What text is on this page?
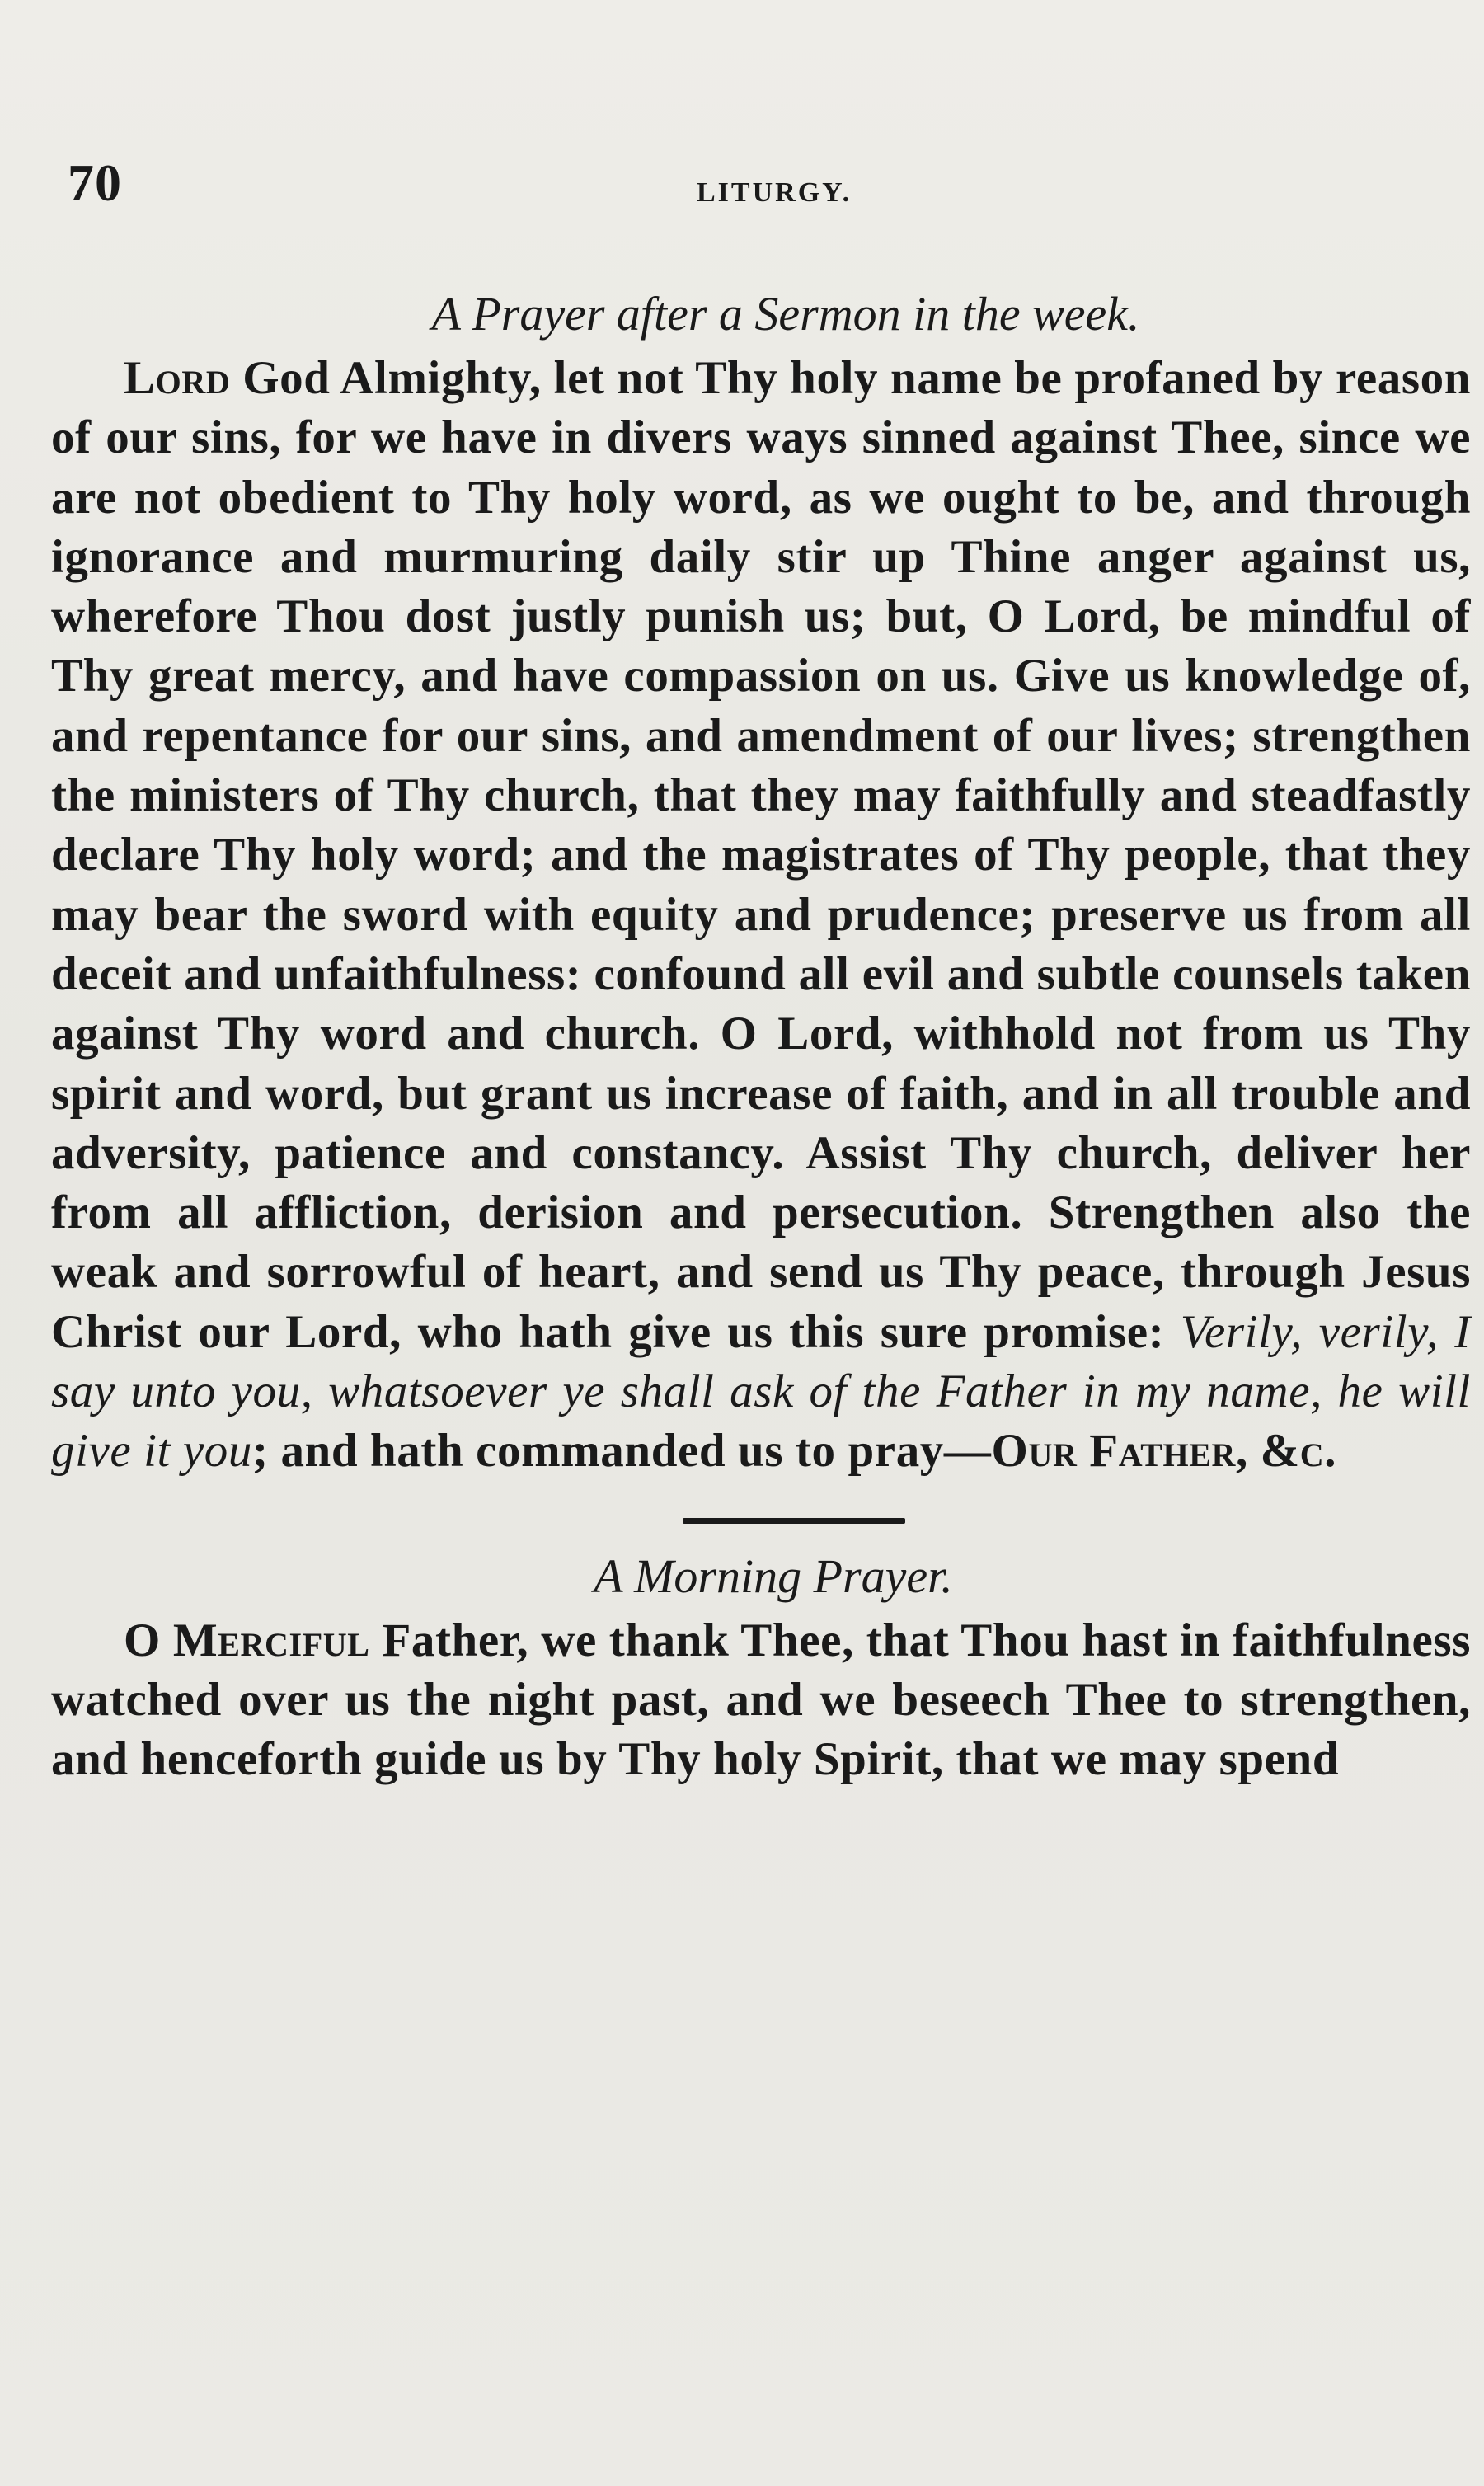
70	LITURGY.
A Prayer after a Sermon in the week.

Lord God Almighty, let not Thy holy name be profaned by reason of our sins, for we have in divers ways sinned against Thee, since we are not obedient to Thy holy word, as we ought to be, and through ignorance and murmuring daily stir up Thine anger against us, wherefore Thou dost justly punish us; but, O Lord, be mindful of Thy great mercy, and have compassion on us. Give us knowledge of, and repentance for our sins, and amendment of our lives; strengthen the ministers of Thy church, that they may faithfully and steadfastly declare Thy holy word; and the magistrates of Thy people, that they may bear the sword with equity and prudence; preserve us from all deceit and unfaithfulness: confound all evil and subtle counsels taken against Thy word and church. O Lord, withhold not from us Thy spirit and word, but grant us increase of faith, and in all trouble and adversity, patience and constancy. Assist Thy church, deliver her from all affliction, derision and persecution. Strengthen also the weak and sorrowful of heart, and send us Thy peace, through Jesus Christ our Lord, who hath give us this sure promise: Verily, verily, I say unto you, whatsoever ye shall ask of the Father in my name, he will give it you; and hath commanded us to pray—Our Father, &c.

A Morning Prayer.

O Merciful Father, we thank Thee, that Thou hast in faithfulness watched over us the night past, and we beseech Thee to strengthen, and henceforth guide us by Thy holy Spirit, that we may spend
